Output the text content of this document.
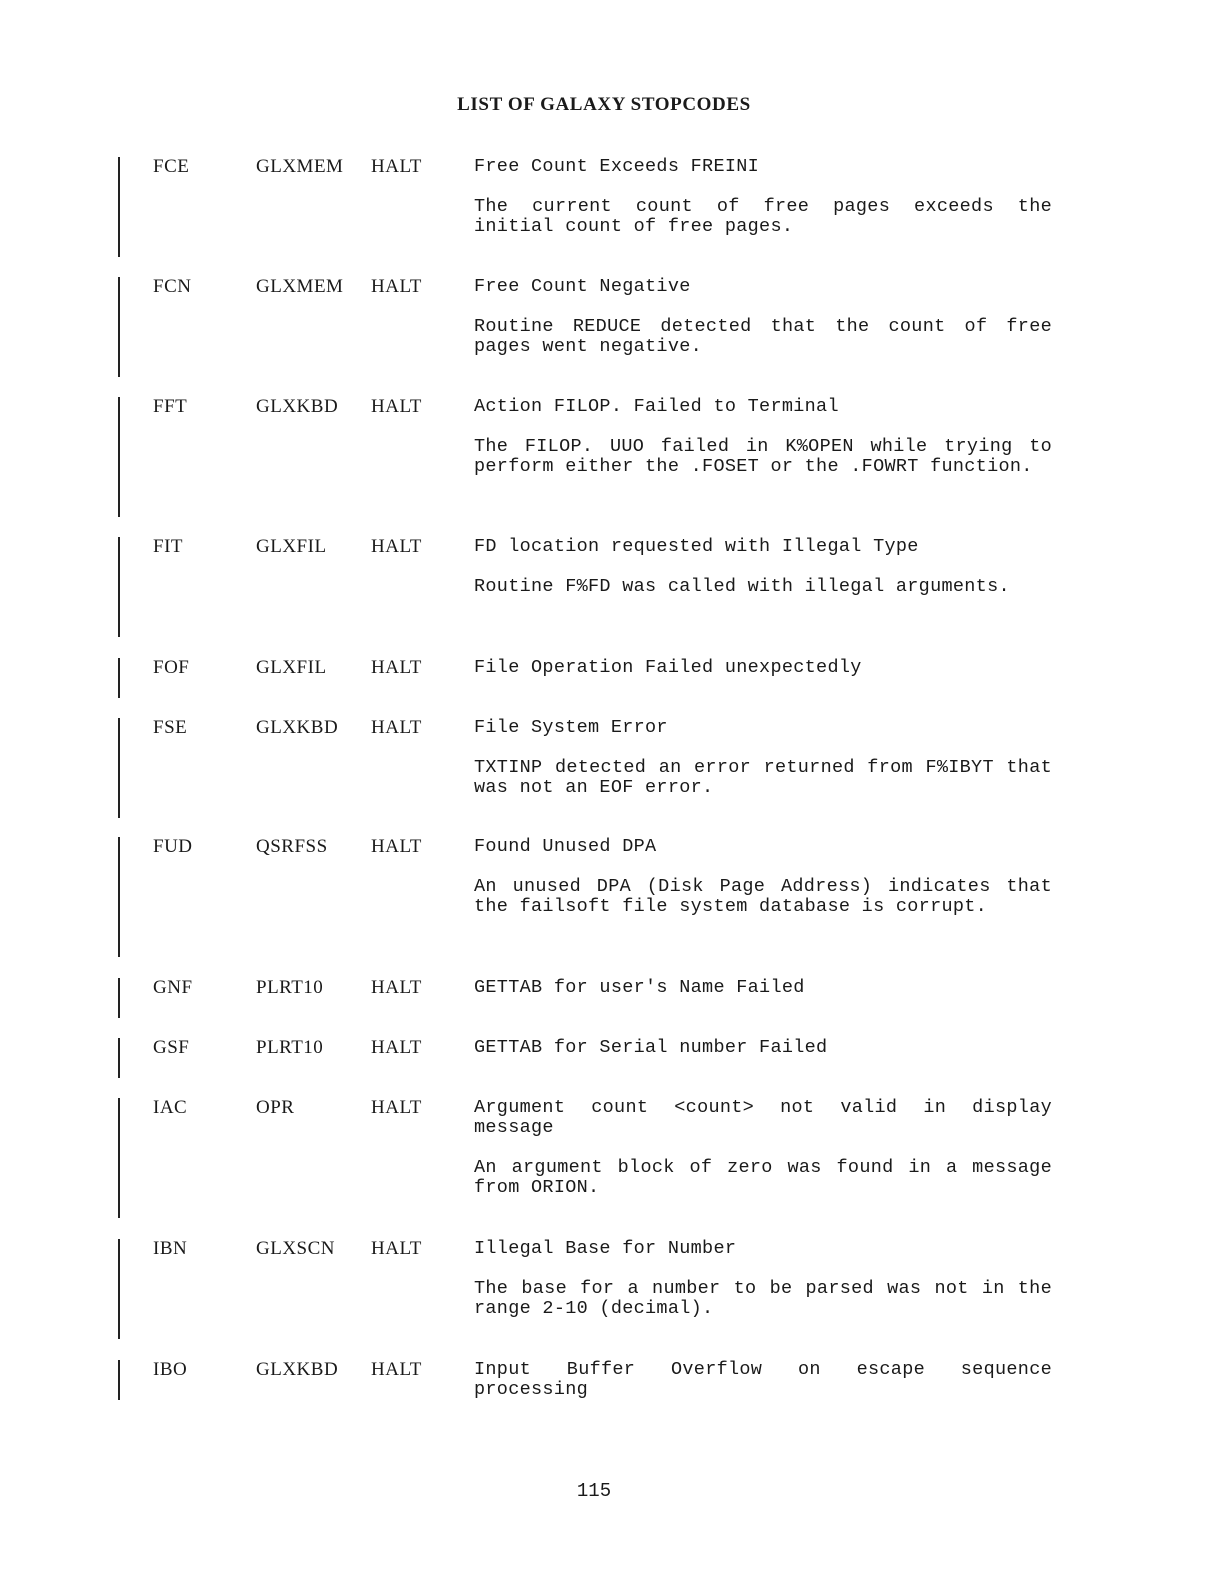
LIST OF GALAXY STOPCODES
FCE	GLXMEM HALT	Free Count Exceeds FREINI
The current count of free pages exceeds the initial count of free pages.
FCN	GLXMEM HALT	Free Count Negative
Routine REDUCE detected that the count of free pages went negative.
FFT	GLXKBD HALT	Action FILOP. Failed to Terminal
The FILOP. UUO failed in K%OPEN while trying to perform either the .FOSET or the .FOWRT function.
FIT	GLXFIL HALT	FD location requested with Illegal Type
Routine F%FD was called with illegal arguments.
FOF	GLXFIL HALT	File Operation Failed unexpectedly
FSE	GLXKBD HALT	File System Error
TXTINP detected an error returned from F%IBYT that was not an EOF error.
FUD	QSRFSS HALT	Found Unused DPA
An unused DPA (Disk Page Address) indicates that the failsoft file system database is corrupt.
GNF	PLRT10	HALT	GETTAB for user's Name Failed
GSF	PLRT10	HALT	GETTAB for Serial number Failed
IAC	OPR	HALT	Argument count <count> not valid in display message
An argument block of zero was found in a message from ORION.
IBN	GLXSCN HALT	Illegal Base for Number
The base for a number to be parsed was not in the range 2-10 (decimal).
IBO	GLXKBD HALT	Input Buffer Overflow on escape sequence processing
115
